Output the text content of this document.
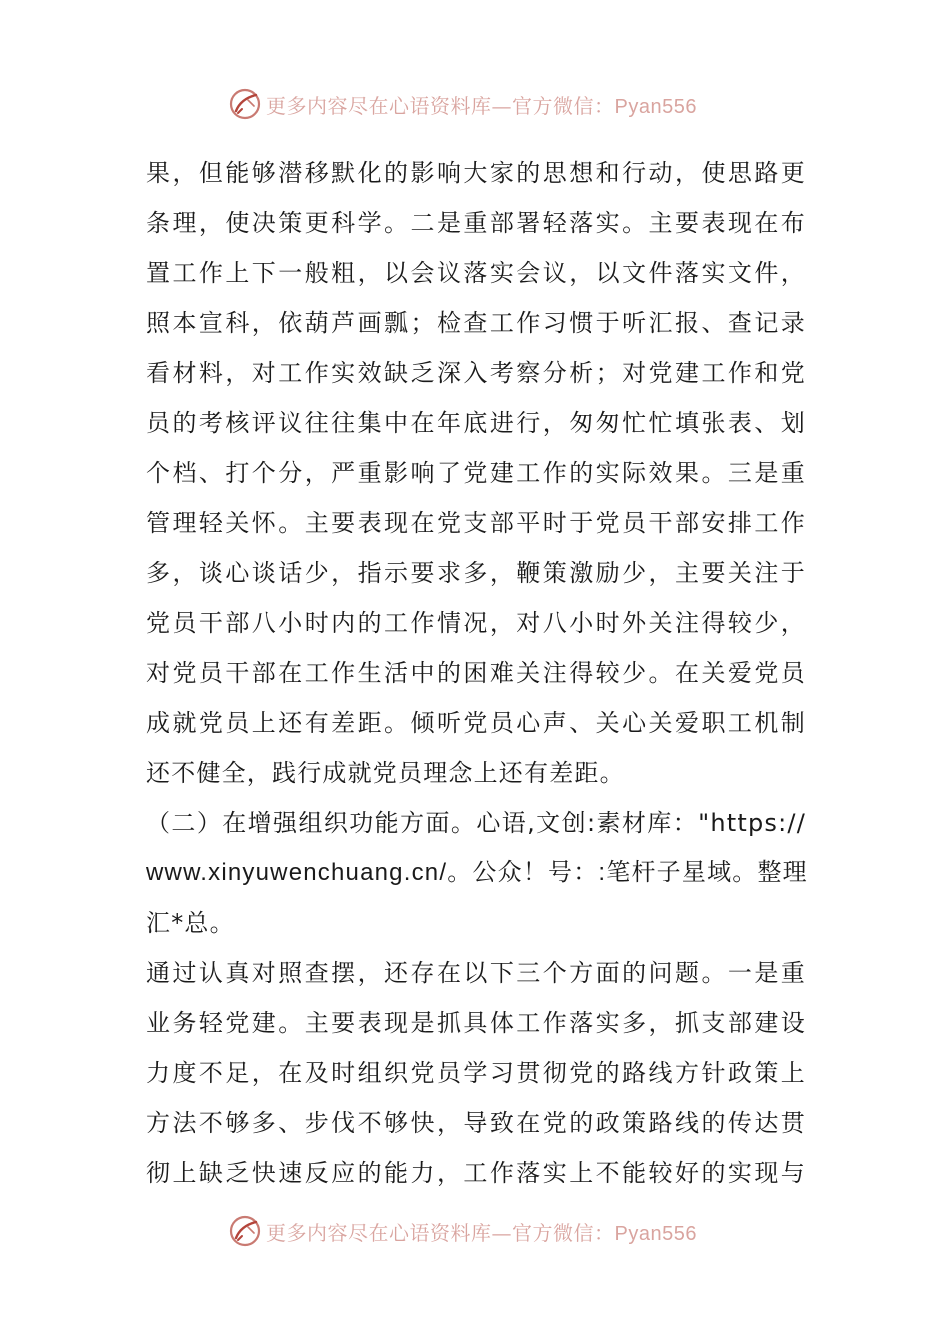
更多内容尽在心语资料库—官方微信：Pyan556
果，但能够潜移默化的影响大家的思想和行动，使思路更
条理，使决策更科学。二是重部署轻落实。主要表现在布
置工作上下一般粗，以会议落实会议，以文件落实文件，
照本宣科，依葫芦画瓢；检查工作习惯于听汇报、查记录
看材料，对工作实效缺乏深入考察分析；对党建工作和党
员的考核评议往往集中在年底进行，匆匆忙忙填张表、划
个档、打个分，严重影响了党建工作的实际效果。三是重
管理轻关怀。主要表现在党支部平时于党员干部安排工作
多，谈心谈话少，指示要求多，鞭策激励少，主要关注于
党员干部八小时内的工作情况，对八小时外关注得较少，
对党员干部在工作生活中的困难关注得较少。在关爱党员
成就党员上还有差距。倾听党员心声、关心关爱职工机制
还不健全，践行成就党员理念上还有差距。
（二）在增强组织功能方面。心语,文创:素材库："https://
www.xinyuwenchuang.cn/。公众！号：:笔杆子星域。整理
汇*总。
通过认真对照查摆，还存在以下三个方面的问题。一是重
业务轻党建。主要表现是抓具体工作落实多，抓支部建设
力度不足，在及时组织党员学习贯彻党的路线方针政策上
方法不够多、步伐不够快，导致在党的政策路线的传达贯
彻上缺乏快速反应的能力，工作落实上不能较好的实现与
更多内容尽在心语资料库—官方微信：Pyan556
